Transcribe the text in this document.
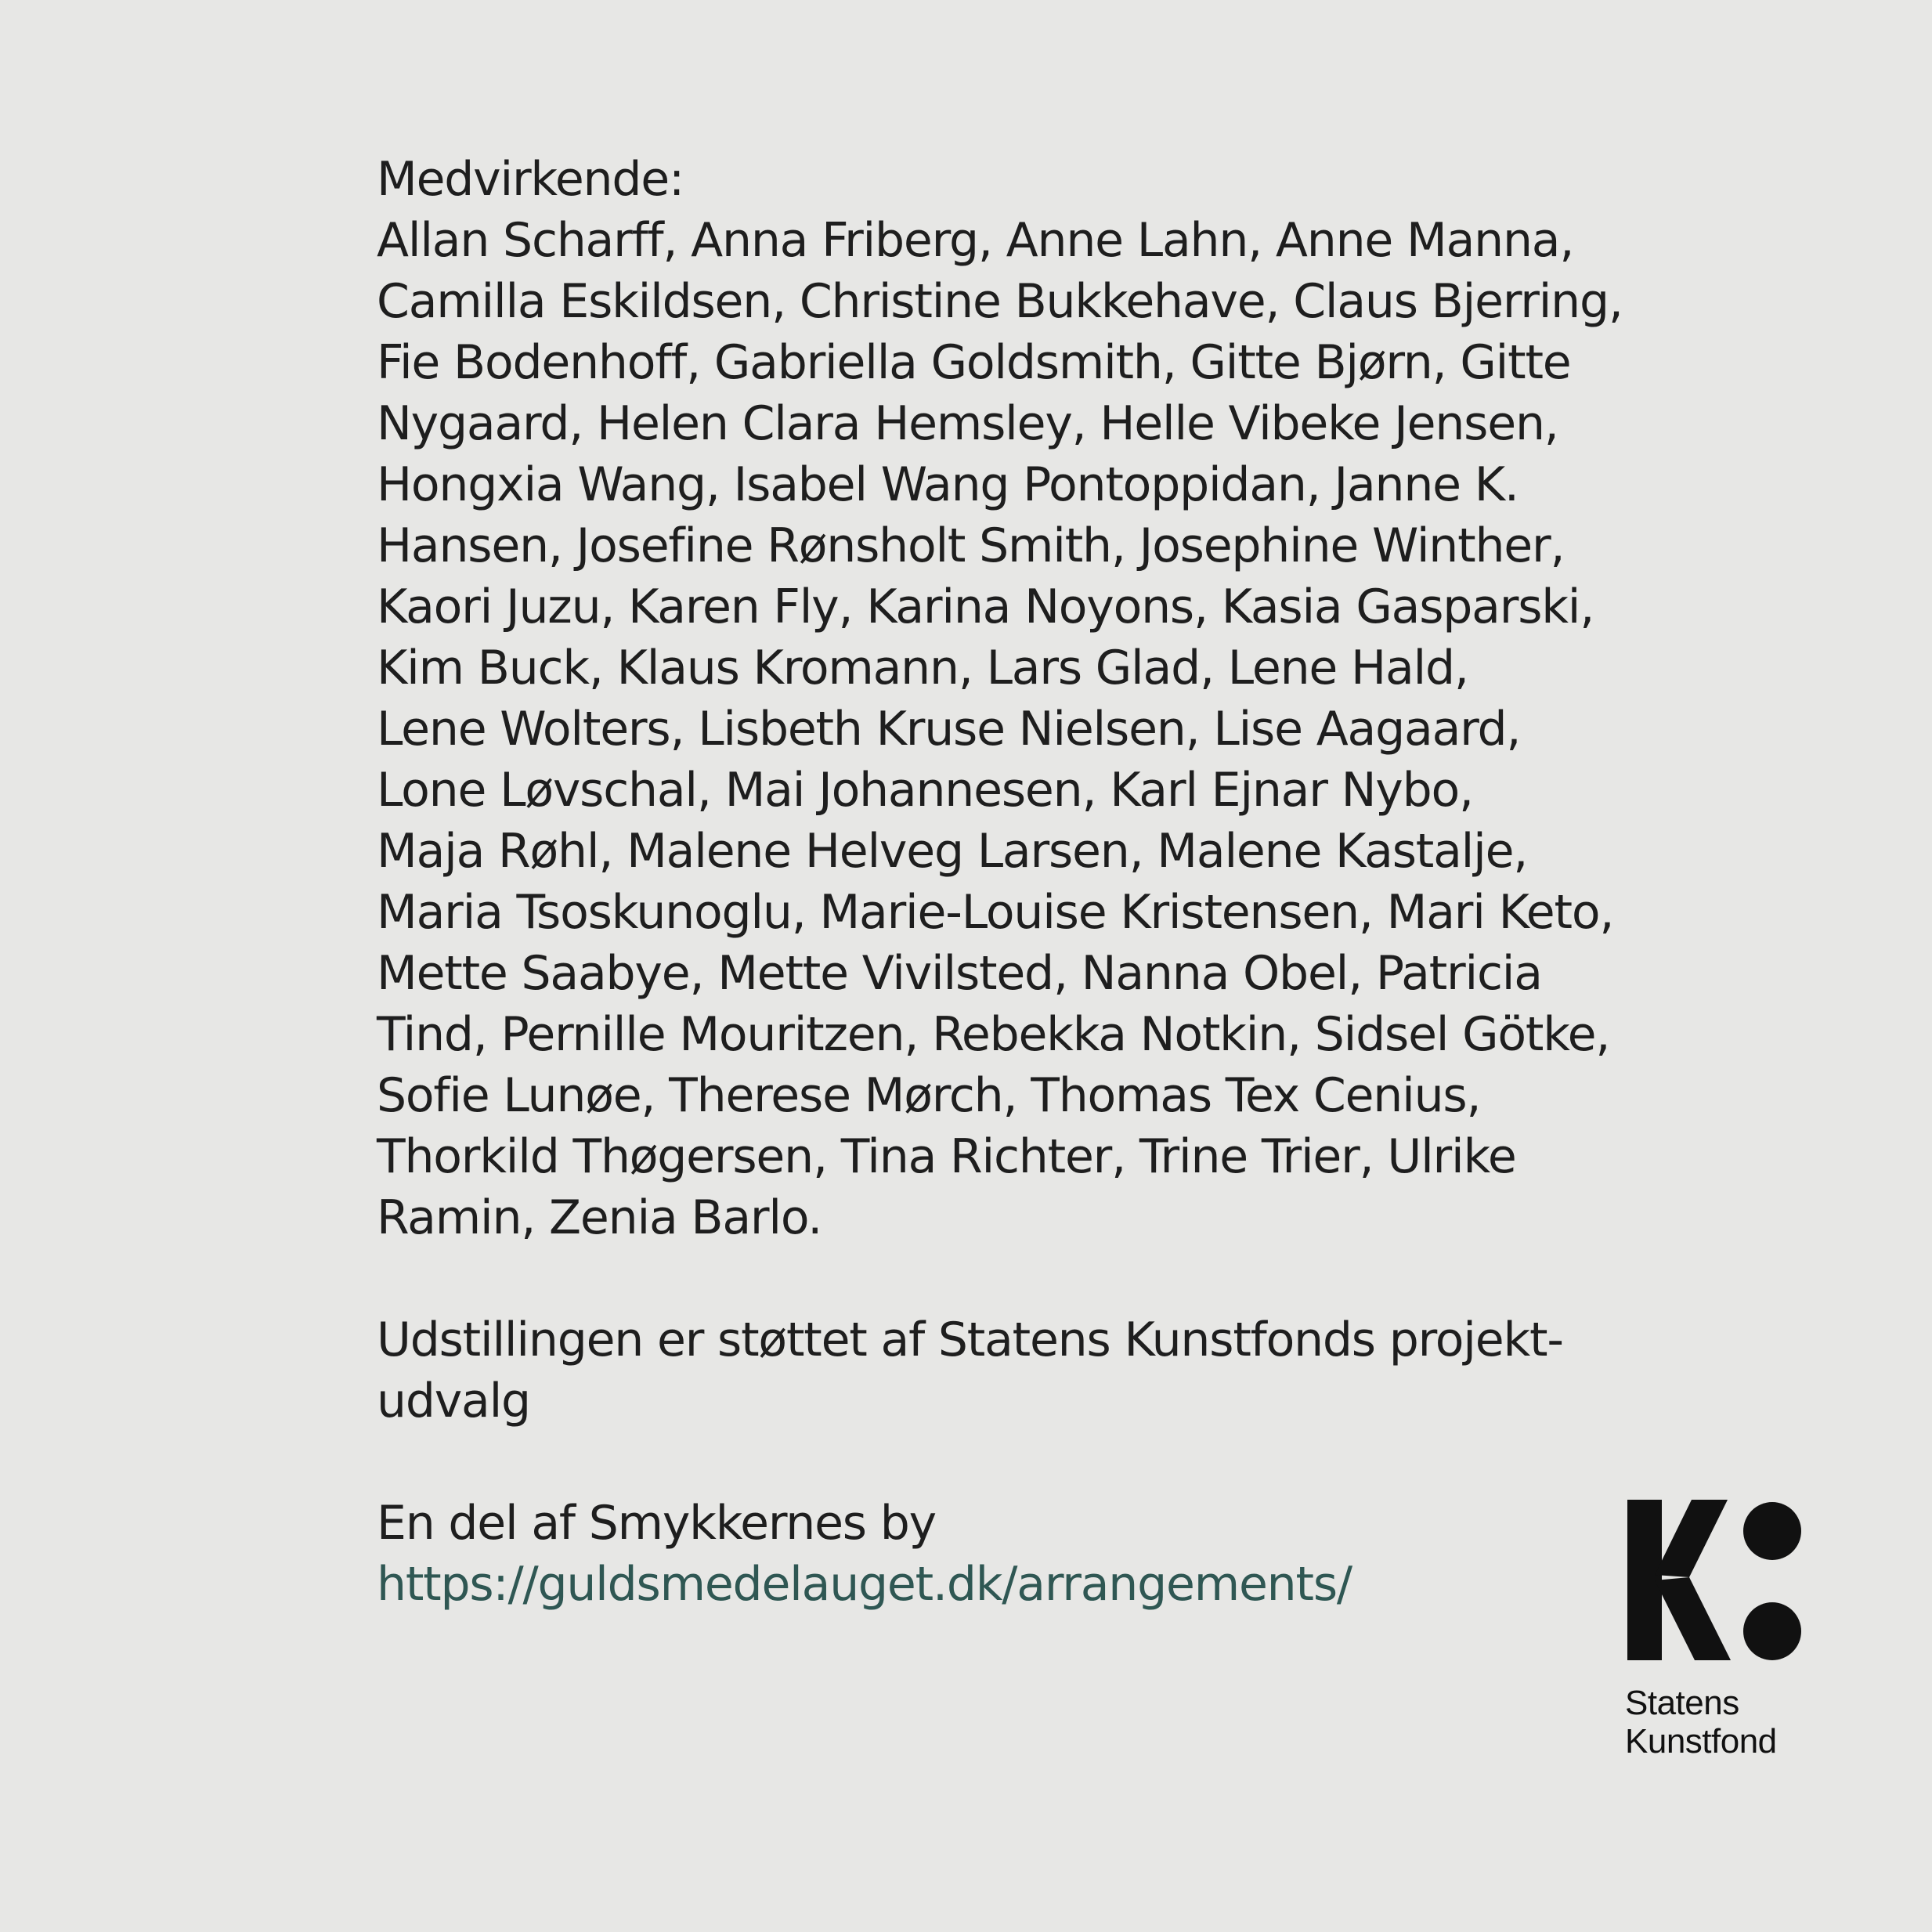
Medvirkende:
Allan Scharff, Anna Friberg, Anne Lahn, Anne Manna,
Camilla Eskildsen, Christine Bukkehave, Claus Bjerring,
Fie Bodenhoff, Gabriella Goldsmith, Gitte Bjørn, Gitte
Nygaard, Helen Clara Hemsley, Helle Vibeke Jensen,
Hongxia Wang, Isabel Wang Pontoppidan, Janne K.
Hansen, Josefine Rønsholt Smith, Josephine Winther,
Kaori Juzu, Karen Fly, Karina Noyons, Kasia Gasparski,
Kim Buck, Klaus Kromann, Lars Glad, Lene Hald,
Lene Wolters, Lisbeth Kruse Nielsen, Lise Aagaard,
Lone Løvschal, Mai Johannesen, Karl Ejnar Nybo,
Maja Røhl, Malene Helveg Larsen, Malene Kastalje,
Maria Tsoskunoglu, Marie-Louise Kristensen, Mari Keto,
Mette Saabye, Mette Vivilsted, Nanna Obel, Patricia
Tind, Pernille Mouritzen, Rebekka Notkin, Sidsel Götke,
Sofie Lunøe, Therese Mørch, Thomas Tex Cenius,
Thorkild Thøgersen, Tina Richter, Trine Trier, Ulrike
Ramin, Zenia Barlo.
Udstillingen er støttet af Statens Kunstfonds projekt-
udvalg
En del af Smykkernes by
https://guldsmedelauget.dk/arrangements/
Statens
Kunstfond
